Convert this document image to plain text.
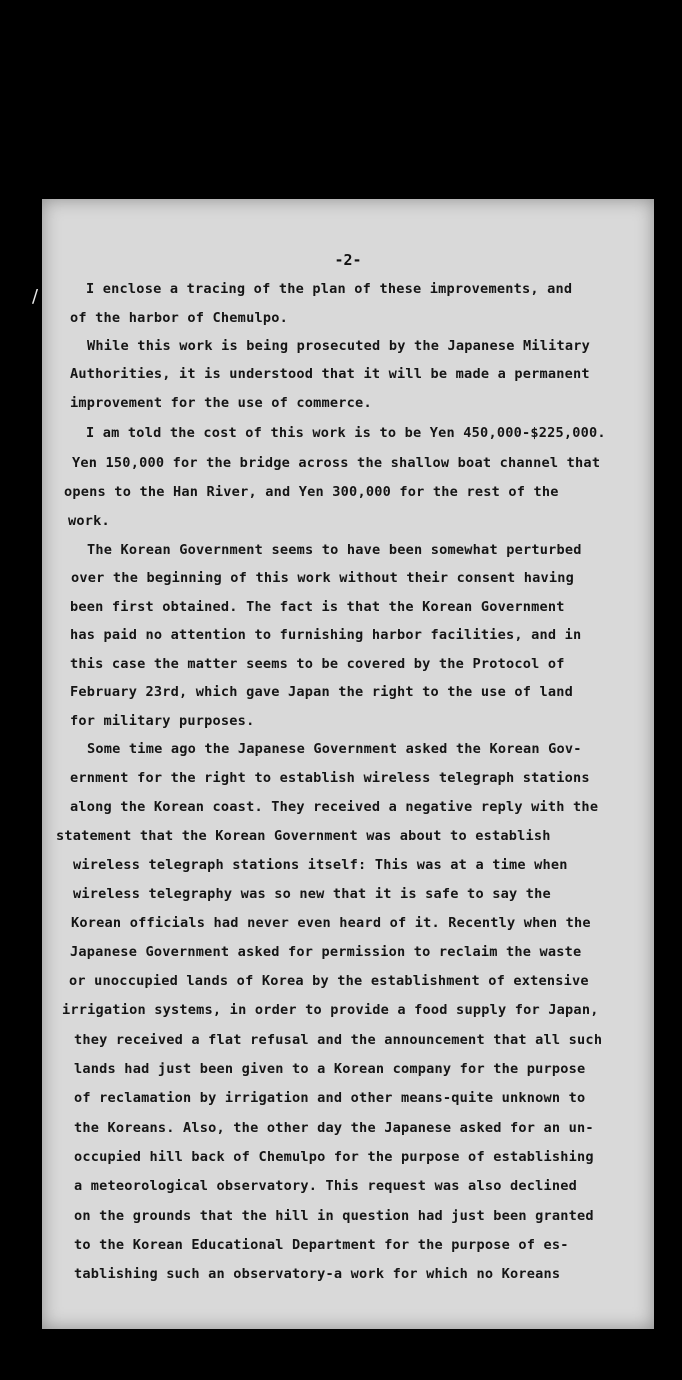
/
-2-
I enclose a tracing of the plan of these improvements, and
of the harbor of Chemulpo.
While this work is being prosecuted by the Japanese Military
Authorities, it is understood that it will be made a permanent
improvement for the use of commerce.
I am told the cost of this work is to be Yen 450,000-$225,000.
Yen 150,000 for the bridge across the shallow boat channel that
opens to the Han River, and Yen 300,000 for the rest of the
work.
The Korean Government seems to have been somewhat perturbed
over the beginning of this work without their consent having
been first obtained. The fact is that the Korean Government
has paid no attention to furnishing harbor facilities, and in
this case the matter seems to be covered by the Protocol of
February 23rd, which gave Japan the right to the use of land
for military purposes.
Some time ago the Japanese Government asked the Korean Gov-
ernment for the right to establish wireless telegraph stations
along the Korean coast. They received a negative reply with the
statement that the Korean Government was about to establish
wireless telegraph stations itself: This was at a time when
wireless telegraphy was so new that it is safe to say the
Korean officials had never even heard of it. Recently when the
Japanese Government asked for permission to reclaim the waste
or unoccupied lands of Korea by the establishment of extensive
irrigation systems, in order to provide a food supply for Japan,
they received a flat refusal and the announcement that all such
lands had just been given to a Korean company for the purpose
of reclamation by irrigation and other means-quite unknown to
the Koreans. Also, the other day the Japanese asked for an un-
occupied hill back of Chemulpo for the purpose of establishing
a meteorological observatory. This request was also declined
on the grounds that the hill in question had just been granted
to the Korean Educational Department for the purpose of es-
tablishing such an observatory-a work for which no Koreans
